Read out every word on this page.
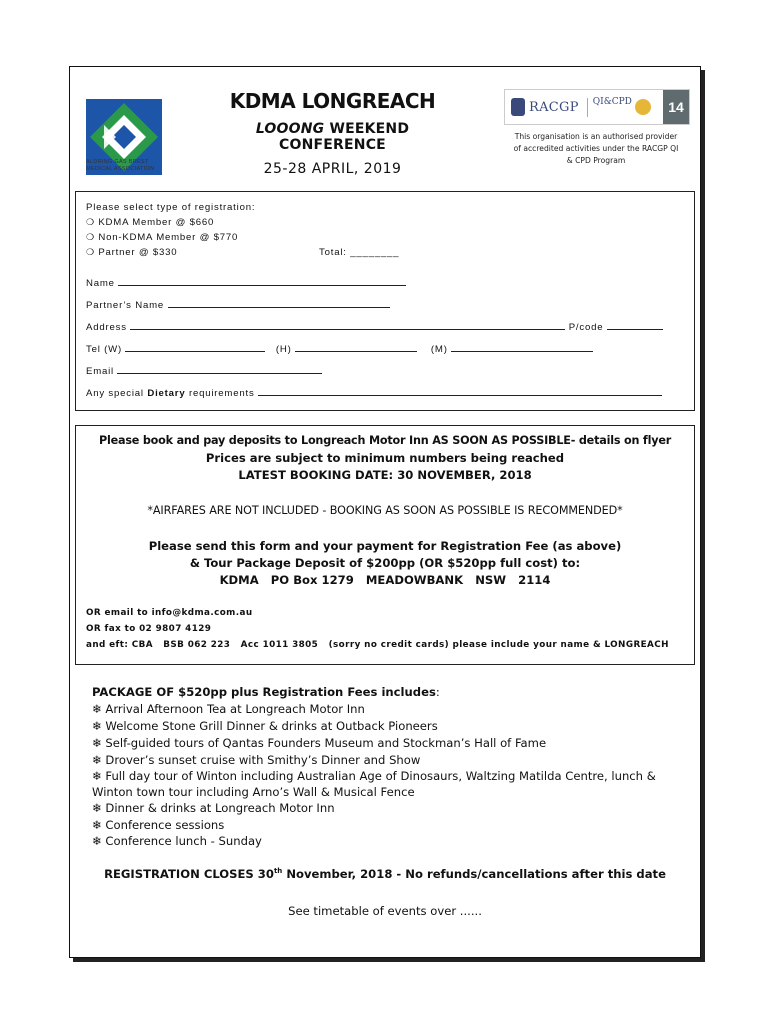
ALDRING GAS BREST
MEDICAL ASSOCIATION
KDMA LONGREACH
LOOONG WEEKEND CONFERENCE
25-28 APRIL, 2019
RACGP	QI&CPD

	14
This organisation is an authorised provider of accredited activities under the RACGP QI & CPD Program
Please select type of registration:
❍ KDMA Member @ $660
❍ Non-KDMA Member @ $770
❍ Partner @ $330	Total: ________
Name
Partner’s Name
Address	P/code
Tel (W)	(H)	(M)
Email
Any special Dietary requirements
Please book and pay deposits to Longreach Motor Inn AS SOON AS POSSIBLE- details on flyer
Prices are subject to minimum numbers being reached
LATEST BOOKING DATE: 30 NOVEMBER, 2018
*AIRFARES ARE NOT INCLUDED - BOOKING AS SOON AS POSSIBLE IS RECOMMENDED*
Please send this form and your payment for Registration Fee (as above)
& Tour Package Deposit of $200pp (OR $520pp full cost) to:
KDMA   PO Box 1279   MEADOWBANK   NSW   2114
OR email to info@kdma.com.au
OR fax to 02 9807 4129
and eft: CBA   BSB 062 223   Acc 1011 3805   (sorry no credit cards) please include your name & LONGREACH
PACKAGE OF $520pp plus Registration Fees includes:
❄ Arrival Afternoon Tea at Longreach Motor Inn
❄ Welcome Stone Grill Dinner & drinks at Outback Pioneers
❄ Self-guided tours of Qantas Founders Museum and Stockman’s Hall of Fame
❄ Drover’s sunset cruise with Smithy’s Dinner and Show
❄ Full day tour of Winton including Australian Age of Dinosaurs, Waltzing Matilda Centre, lunch &
Winton town tour including Arno’s Wall & Musical Fence
❄ Dinner & drinks at Longreach Motor Inn
❄ Conference sessions
❄ Conference lunch - Sunday
REGISTRATION CLOSES 30th November, 2018 - No refunds/cancellations after this date
See timetable of events over ......
